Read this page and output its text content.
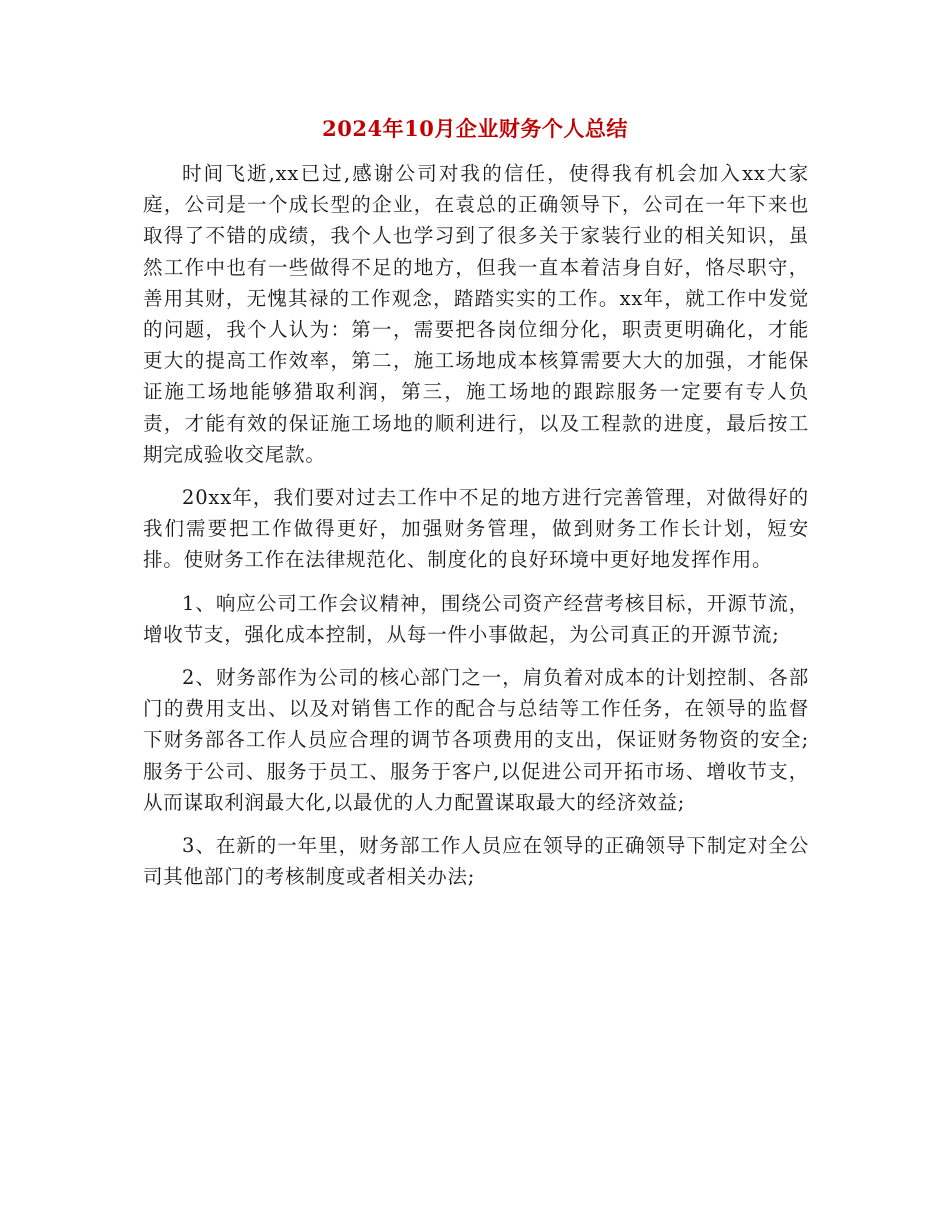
2024年10月企业财务个人总结

时间飞逝,xx已过,感谢公司对我的信任，使得我有机会加入xx大家庭，公司是一个成长型的企业，在袁总的正确领导下，公司在一年下来也取得了不错的成绩，我个人也学习到了很多关于家装行业的相关知识，虽然工作中也有一些做得不足的地方，但我一直本着洁身自好，恪尽职守，善用其财，无愧其禄的工作观念，踏踏实实的工作。xx年，就工作中发觉的问题，我个人认为：第一，需要把各岗位细分化，职责更明确化，才能更大的提高工作效率，第二，施工场地成本核算需要大大的加强，才能保证施工场地能够猎取利润，第三，施工场地的跟踪服务一定要有专人负责，才能有效的保证施工场地的顺利进行，以及工程款的进度，最后按工期完成验收交尾款。

20xx年，我们要对过去工作中不足的地方进行完善管理，对做得好的我们需要把工作做得更好，加强财务管理，做到财务工作长计划，短安排。使财务工作在法律规范化、制度化的良好环境中更好地发挥作用。

1、响应公司工作会议精神，围绕公司资产经营考核目标，开源节流，增收节支，强化成本控制，从每一件小事做起，为公司真正的开源节流;

2、财务部作为公司的核心部门之一，肩负着对成本的计划控制、各部门的费用支出、以及对销售工作的配合与总结等工作任务，在领导的监督下财务部各工作人员应合理的调节各项费用的支出，保证财务物资的安全;服务于公司、服务于员工、服务于客户,以促进公司开拓市场、增收节支，从而谋取利润最大化,以最优的人力配置谋取最大的经济效益;

3、在新的一年里，财务部工作人员应在领导的正确领导下制定对全公司其他部门的考核制度或者相关办法;
